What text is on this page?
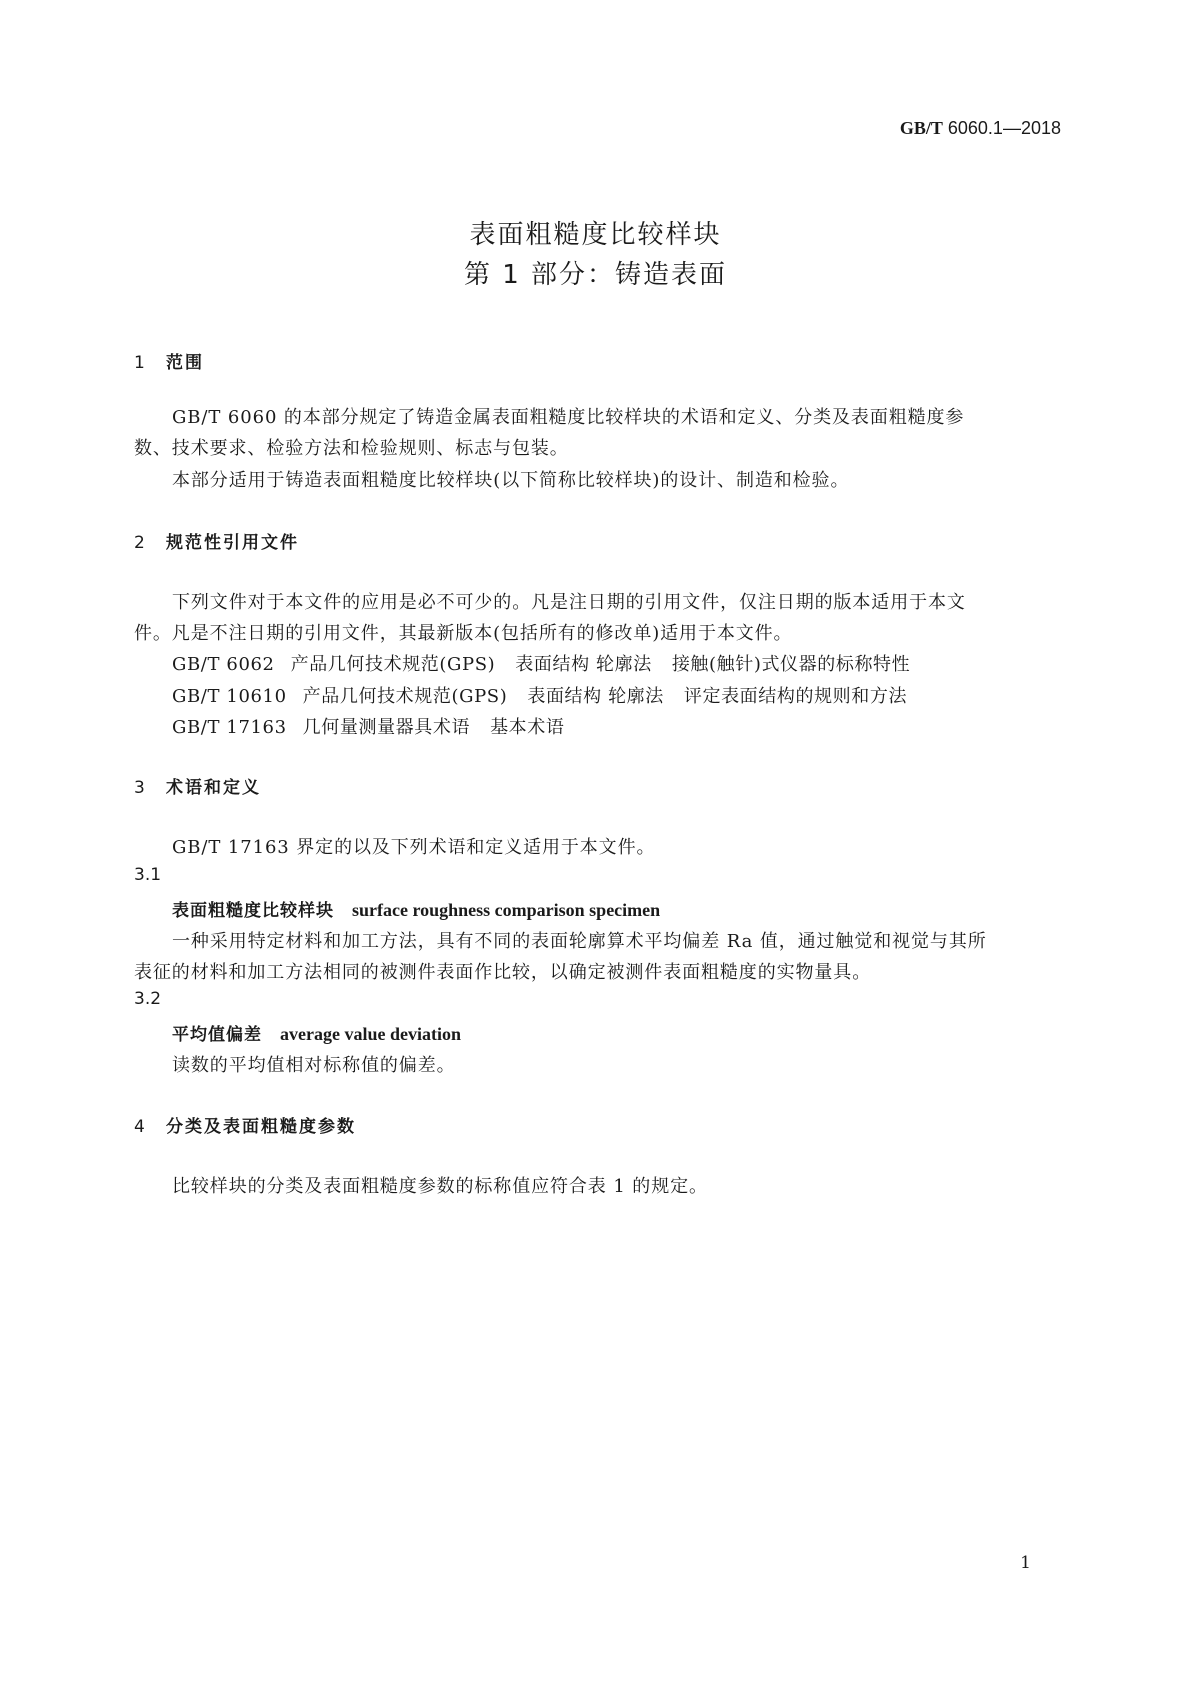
GB/T 6060.1—2018
表面粗糙度比较样块
第 1 部分：铸造表面
1 范围
GB/T 6060 的本部分规定了铸造金属表面粗糙度比较样块的术语和定义、分类及表面粗糙度参
数、技术要求、检验方法和检验规则、标志与包装。
本部分适用于铸造表面粗糙度比较样块(以下简称比较样块)的设计、制造和检验。
2 规范性引用文件
下列文件对于本文件的应用是必不可少的。凡是注日期的引用文件，仅注日期的版本适用于本文
件。凡是不注日期的引用文件，其最新版本(包括所有的修改单)适用于本文件。
GB/T 6062 产品几何技术规范(GPS) 表面结构 轮廓法 接触(触针)式仪器的标称特性
GB/T 10610 产品几何技术规范(GPS) 表面结构 轮廓法 评定表面结构的规则和方法
GB/T 17163 几何量测量器具术语 基本术语
3 术语和定义
GB/T 17163 界定的以及下列术语和定义适用于本文件。
3.1
表面粗糙度比较样块 surface roughness comparison specimen
一种采用特定材料和加工方法，具有不同的表面轮廓算术平均偏差 Ra 值，通过触觉和视觉与其所
表征的材料和加工方法相同的被测件表面作比较，以确定被测件表面粗糙度的实物量具。
3.2
平均值偏差 average value deviation
读数的平均值相对标称值的偏差。
4 分类及表面粗糙度参数
比较样块的分类及表面粗糙度参数的标称值应符合表 1 的规定。
1
